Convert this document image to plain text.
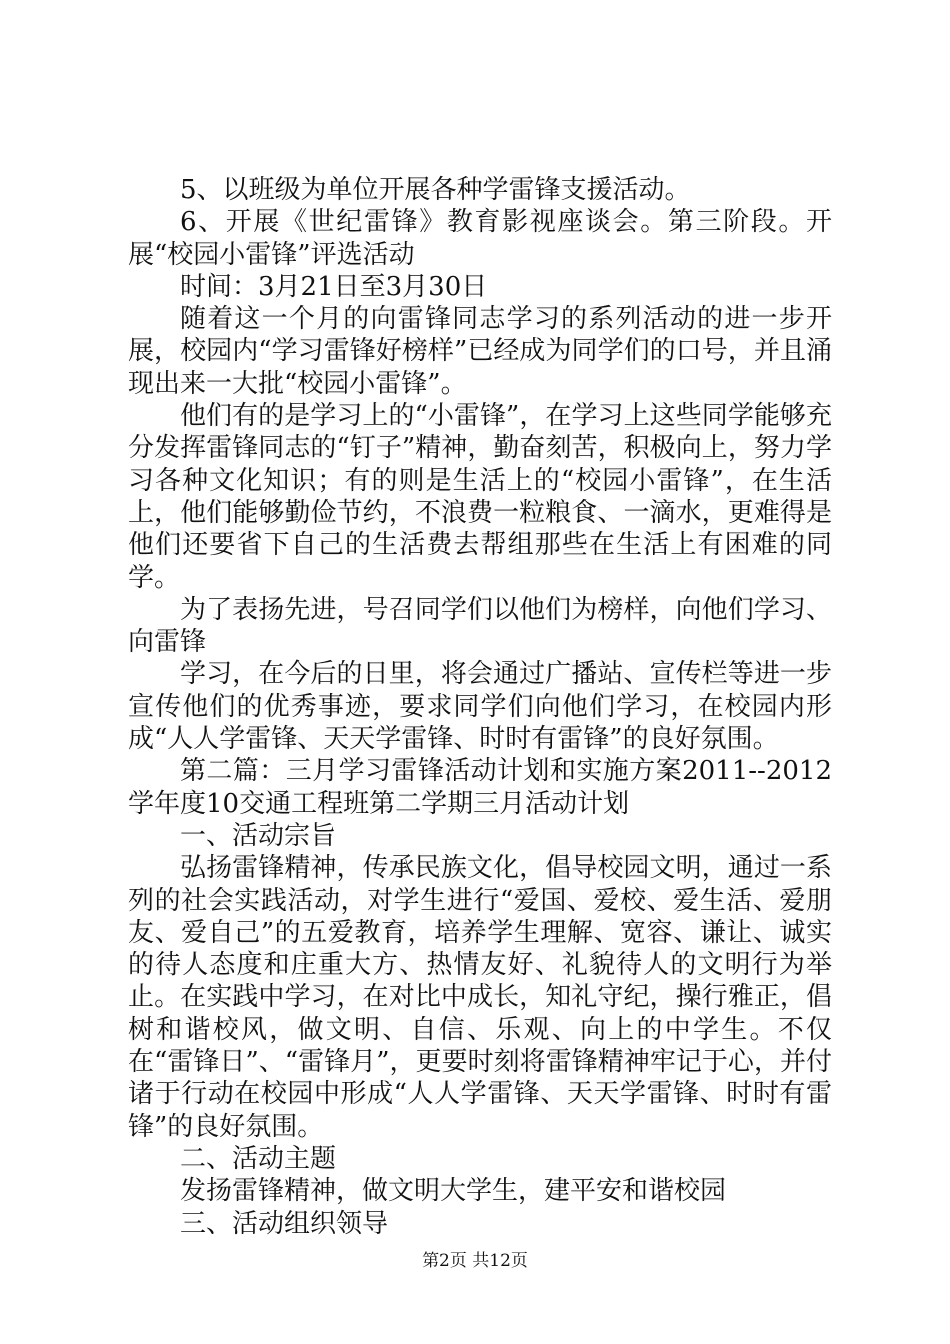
5、以班级为单位开展各种学雷锋支援活动。

6、开展《世纪雷锋》教育影视座谈会。第三阶段。开展“校园小雷锋”评选活动

时间：3月21日至3月30日

随着这一个月的向雷锋同志学习的系列活动的进一步开展，校园内“学习雷锋好榜样”已经成为同学们的口号，并且涌现出来一大批“校园小雷锋”。

他们有的是学习上的“小雷锋”，在学习上这些同学能够充分发挥雷锋同志的“钉子”精神，勤奋刻苦，积极向上，努力学习各种文化知识；有的则是生活上的“校园小雷锋”，在生活上，他们能够勤俭节约，不浪费一粒粮食、一滴水，更难得是他们还要省下自己的生活费去帮组那些在生活上有困难的同学。

为了表扬先进，号召同学们以他们为榜样，向他们学习、向雷锋

学习，在今后的日里，将会通过广播站、宣传栏等进一步宣传他们的优秀事迹，要求同学们向他们学习，在校园内形成“人人学雷锋、天天学雷锋、时时有雷锋”的良好氛围。

第二篇：三月学习雷锋活动计划和实施方案2011--2012学年度10交通工程班第二学期三月活动计划

一、活动宗旨

弘扬雷锋精神，传承民族文化，倡导校园文明，通过一系列的社会实践活动，对学生进行“爱国、爱校、爱生活、爱朋友、爱自己”的五爱教育，培养学生理解、宽容、谦让、诚实的待人态度和庄重大方、热情友好、礼貌待人的文明行为举止。在实践中学习，在对比中成长，知礼守纪，操行雅正，倡树和谐校风，做文明、自信、乐观、向上的中学生。不仅在“雷锋日”、“雷锋月”，更要时刻将雷锋精神牢记于心，并付诸于行动在校园中形成“人人学雷锋、天天学雷锋、时时有雷锋”的良好氛围。

二、活动主题

发扬雷锋精神，做文明大学生，建平安和谐校园

三、活动组织领导

第2页 共12页
